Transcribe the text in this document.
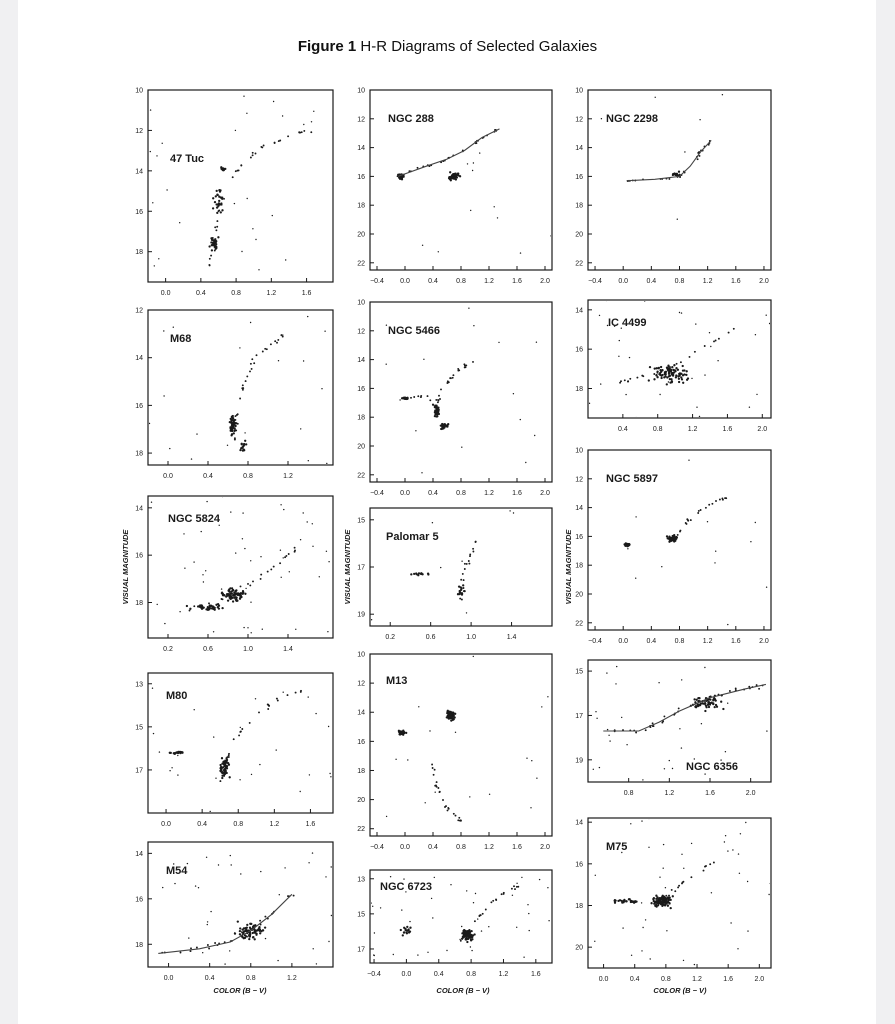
Figure 1 H-R Diagrams of Selected Galaxies
0.0	0.4	0.8	1.2	1.6
10
12
14
16
18
47 Tuc
−0.4 0.0	0.4	0.8	1.2	1.6	2.0
10
12
14
16
18
20
22
NGC 288
−0.4 0.0	0.4	0.8	1.2	1.6	2.0
10
12
14
16
18
20
22
NGC 2298
0.0	0.4	0.8	1.2
12
14
16
18
M68
−0.4 0.0	0.4	0.8	1.2	1.6	2.0
10
12
14
16
18
20
22
NGC 5466
0.4	0.8	1.2	1.6	2.0
14
16
18
IC 4499
0.2	0.6	1.0	1.4
14
16
18
NGC 5824
0.2	0.6	1.0	1.4
15
17
19
Palomar 5
−0.4 0.0	0.4	0.8	1.2	1.6	2.0
10
12
14
16
18
20
22
NGC 5897
0.0	0.4	0.8	1.2	1.6
13
15
17
M80
−0.4 0.0	0.4	0.8	1.2	1.6	2.0
10
12
14
16
18
20
22
M13
0.8	1.2	1.6	2.0
15
17
19
NGC 6356
0.0	0.4	0.8	1.2
14
16
18
M54
−0.4	0.0	0.4	0.8	1.2	1.6
13
15
17
NGC 6723
0.0	0.4	0.8	1.2	1.6	2.0
14
16
18
20
M75
VISUAL MAGNITUDE	VISUAL MAGNITUDE	VISUAL MAGNITUDE
COLOR (B − V)	COLOR (B − V)	COLOR (B − V)
